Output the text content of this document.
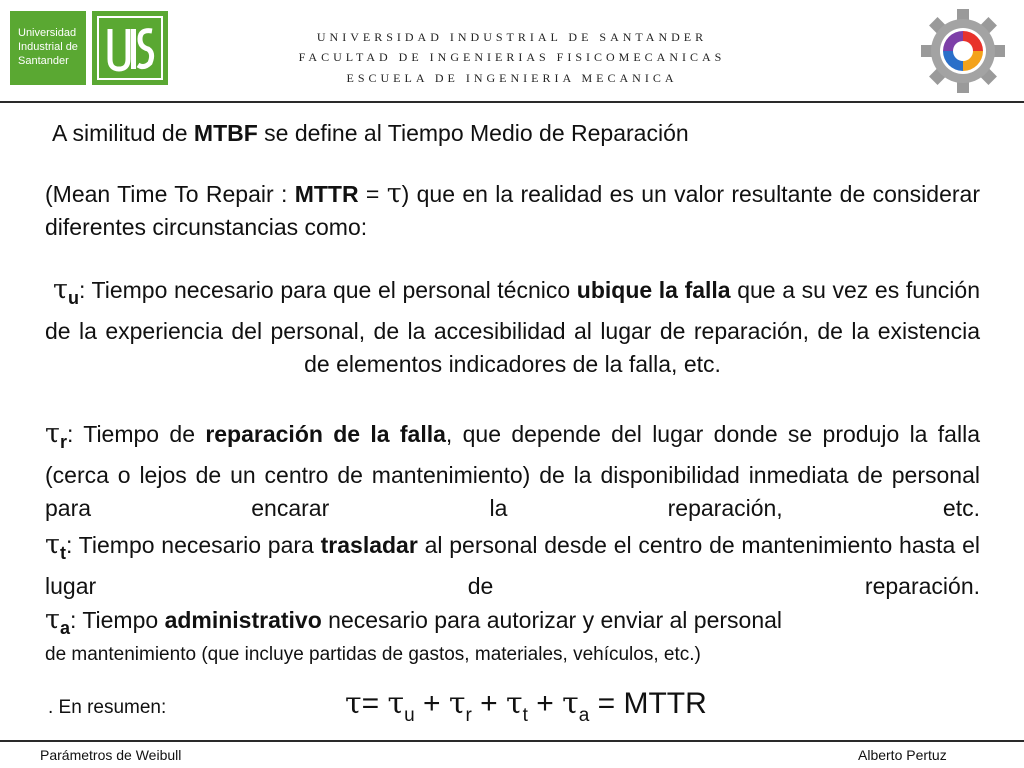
Universidad
Industrial de
Santander
UNIVERSIDAD INDUSTRIAL DE SANTANDER
FACULTAD DE INGENIERIAS FISICOMECANICAS
ESCUELA DE INGENIERIA MECANICA
A similitud de MTBF se define al Tiempo Medio de Reparación
(Mean Time To Repair : MTTR = τ) que en la realidad es un valor resultante de considerar diferentes circunstancias como:
$\tau_u$: Tiempo necesario para que el personal técnico ubique la falla que a su vez es función de la experiencia del personal, de la accesibilidad al lugar de reparación, de la existencia de elementos indicadores de la falla, etc.
$\tau_r$: Tiempo de reparación de la falla, que depende del lugar donde se produjo la falla (cerca o lejos de un centro de mantenimiento) de la disponibilidad inmediata de personal para encarar la reparación, etc.
$\tau_t$: Tiempo necesario para trasladar al personal desde el centro de mantenimiento hasta el lugar de reparación.
$\tau_a$: Tiempo administrativo necesario para autorizar y enviar al personal
de mantenimiento (que incluye partidas de gastos, materiales, vehículos, etc.)
. En resumen:	$\tau= \tau_u + \tau_r + \tau_t + \tau_a$ = MTTR
Parámetros de Weibull	Alberto Pertuz
